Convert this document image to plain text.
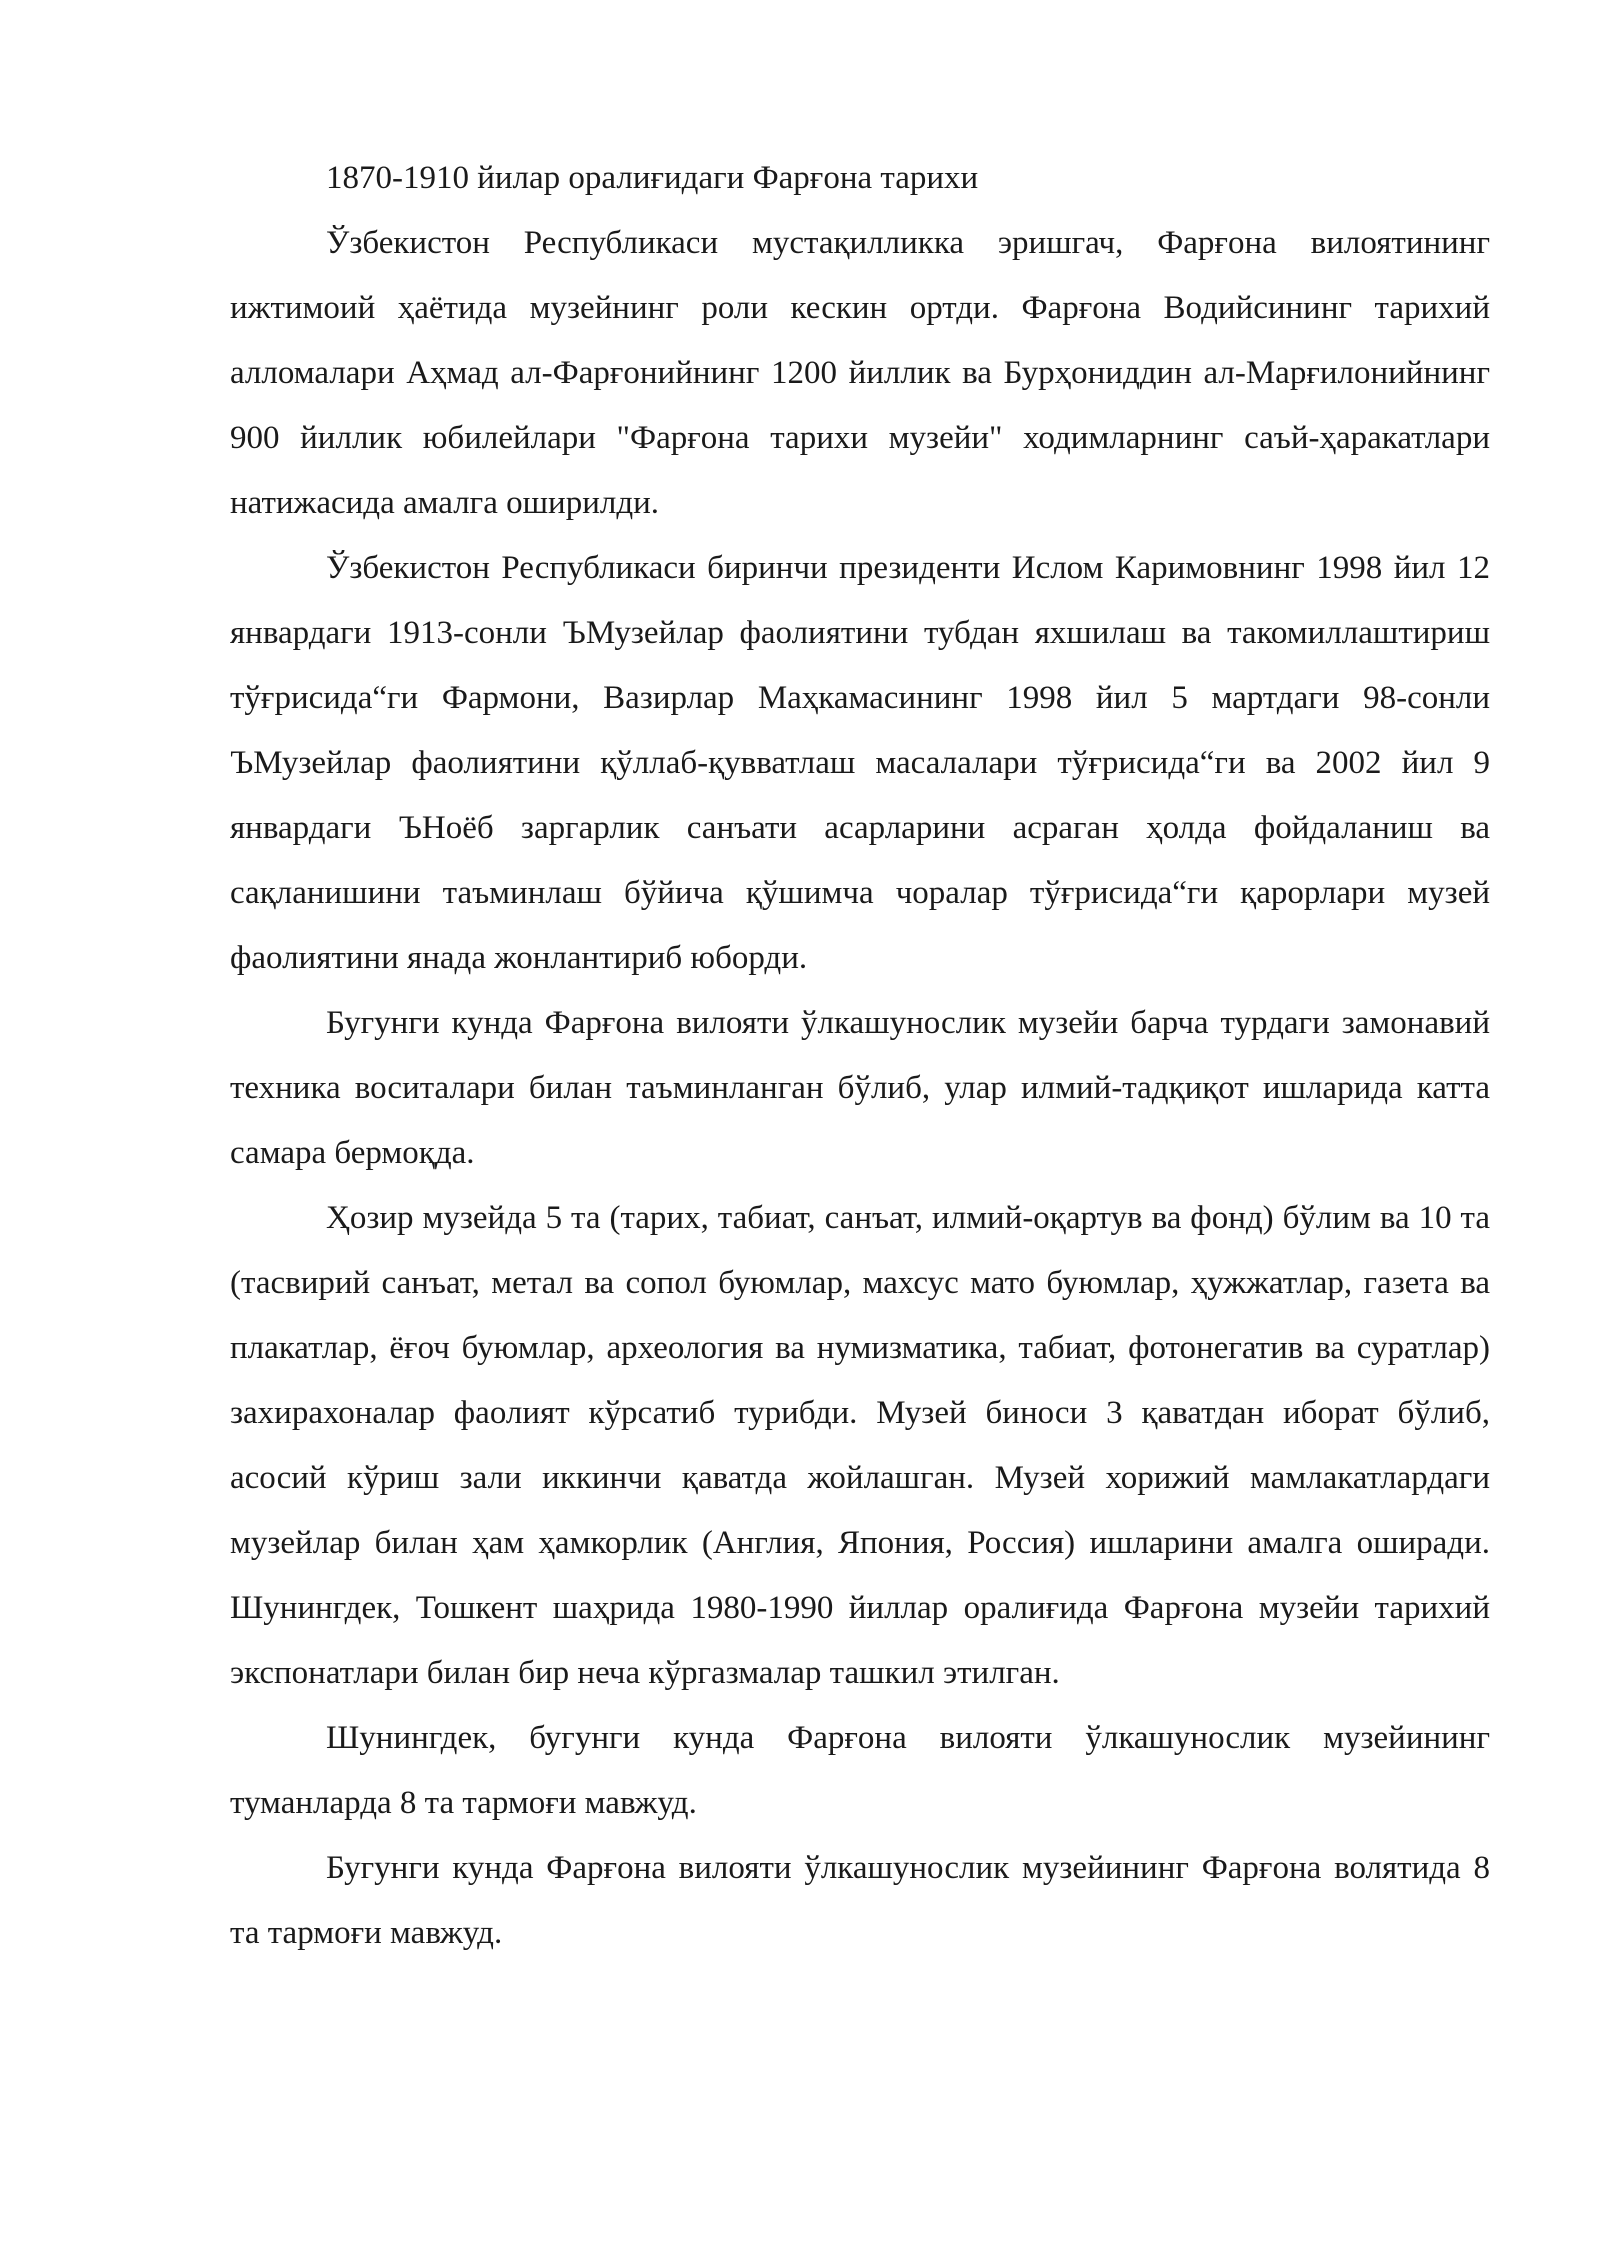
1870-1910 йилар оралиғидаги Фарғона тарихи

Ўзбекистон Республикаси мустақилликка эришгач, Фарғона вилоятининг ижтимоий ҳаётида музейнинг роли кескин ортди. Фарғона Водийсининг тарихий алломалари Аҳмад ал-Фарғонийнинг 1200 йиллик ва Бурҳониддин ал-Марғилонийнинг 900 йиллик юбилейлари "Фарғона тарихи музейи" ходимларнинг саъй-ҳаракатлари натижасида амалга оширилди.

Ўзбекистон Республикаси биринчи президенти Ислом Каримовнинг 1998 йил 12 январдаги 1913-сонли ЪМузейлар фаолиятини тубдан яхшилаш ва такомиллаштириш тўғрисида“ги Фармони, Вазирлар Маҳкамасининг 1998 йил 5 мартдаги 98-сонли ЪМузейлар фаолиятини қўллаб-қувватлаш масалалари тўғрисида“ги ва 2002 йил 9 январдаги ЪНоёб заргарлик санъати асарларини асраган ҳолда фойдаланиш ва сақланишини таъминлаш бўйича қўшимча чоралар тўғрисида“ги қарорлари музей фаолиятини янада жонлантириб юборди.

Бугунги кунда Фарғона вилояти ўлкашунослик музейи барча турдаги замонавий техника воситалари билан таъминланган бўлиб, улар илмий-тадқиқот ишларида катта самара бермоқда.

Ҳозир музейда 5 та (тарих, табиат, санъат, илмий-оқартув ва фонд) бўлим ва 10 та (тасвирий санъат, метал ва сопол буюмлар, махсус мато буюмлар, ҳужжатлар, газета ва плакатлар, ёғоч буюмлар, археология ва нумизматика, табиат, фотонегатив ва суратлар) захирахоналар фаолият кўрсатиб турибди. Музей биноси 3 қаватдан иборат бўлиб, асосий кўриш зали иккинчи қаватда жойлашган. Музей хорижий мамлакатлардаги музейлар билан ҳам ҳамкорлик (Англия, Япония, Россия) ишларини амалга оширади. Шунингдек, Тошкент шаҳрида 1980-1990 йиллар оралиғида Фарғона музейи тарихий экспонатлари билан бир неча кўргазмалар ташкил этилган.

Шунингдек, бугунги кунда Фарғона вилояти ўлкашунослик музейининг туманларда 8 та тармоғи мавжуд.

Бугунги кунда Фарғона вилояти ўлкашунослик музейининг Фарғона волятида 8 та тармоғи мавжуд.
